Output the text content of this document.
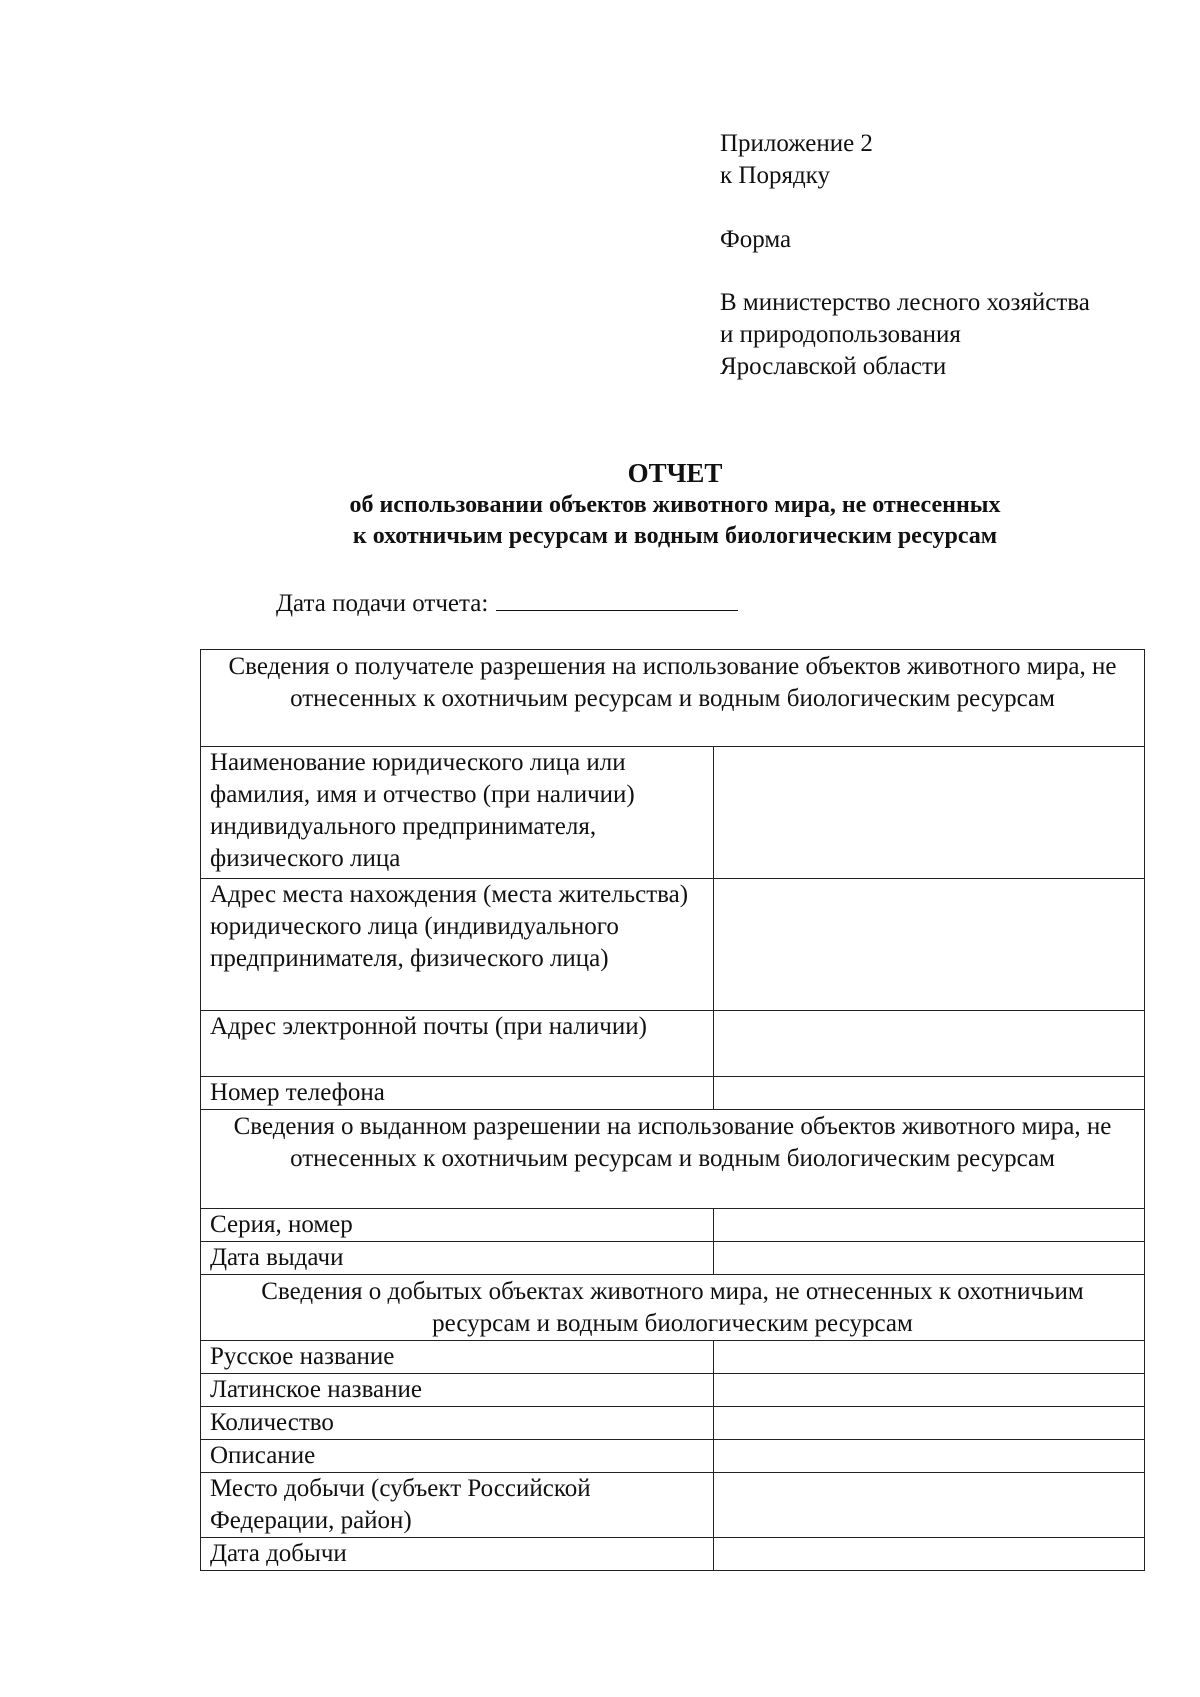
Приложение 2
к Порядку
Форма
В министерство лесного хозяйства
и природопользования
Ярославской области
ОТЧЕТ
об использовании объектов животного мира, не отнесенных
к охотничьим ресурсам и водным биологическим ресурсам
Дата подачи отчета:
Сведения о получателе разрешения на использование объектов животного мира, не отнесенных к охотничьим ресурсам и водным биологическим ресурсам	
Наименование юридического лица или фамилия, имя и отчество (при наличии) индивидуального предпринимателя, физического лица	
Адрес места нахождения (места жительства) юридического лица (индивидуального предпринимателя, физического лица)	
Адрес электронной почты (при наличии)	
Номер телефона	
Сведения о выданном разрешении на использование объектов животного мира, не отнесенных к охотничьим ресурсам и водным биологическим ресурсам	
Серия, номер	
Дата выдачи	
Сведения о добытых объектах животного мира, не отнесенных к охотничьим ресурсам и водным биологическим ресурсам	
Русское название	
Латинское название	
Количество	
Описание	
Место добычи (субъект Российской Федерации, район)	
Дата добычи	
